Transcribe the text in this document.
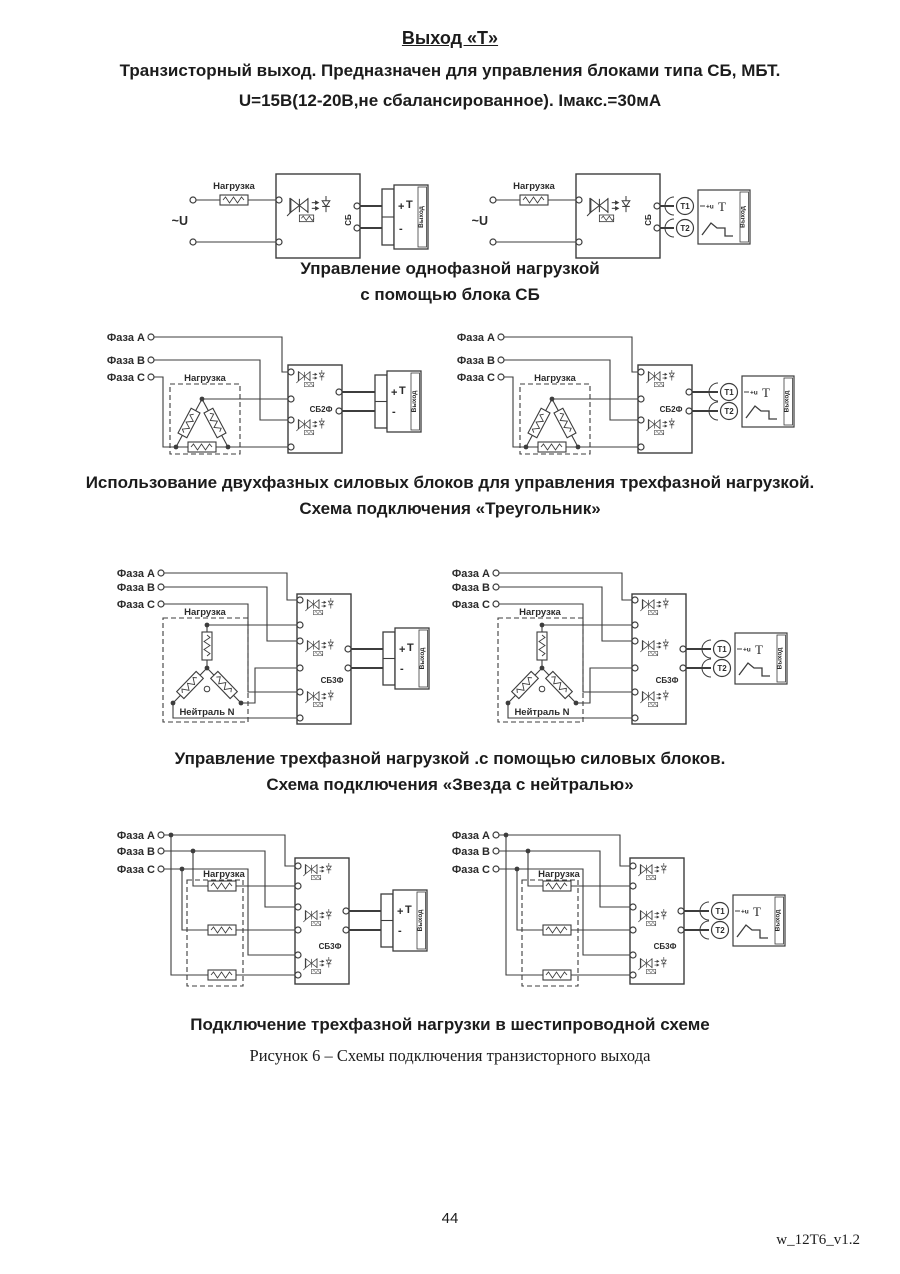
Выход «Т»
Транзисторный выход. Предназначен для управления блоками типа СБ, МБТ.
U=15В(12-20В,не сбалансированное). Iмакс.=30мА
Нагрузка
~U	СБ
+ T
-
Выход
Нагрузка
~U	СБ
Т1
Т2
+u T Выход
Управление однофазной нагрузкой
с помощью блока СБ
Фаза А
Фаза В
Фаза С	Нагрузка
СБ2Ф
+ T
- Выход
Фаза А
Фаза В
Фаза С	Нагрузка
СБ2Ф
Т1
Т2
+u T Выход
Использование двухфазных силовых блоков для управления трехфазной нагрузкой.
Схема подключения «Треугольник»
Фаза А
Фаза В
Фаза С
Нагрузка
Нейтраль N
СБ3Ф
+ T
- Выход
Фаза А
Фаза В
Фаза С
Нагрузка
Нейтраль N
СБ3Ф
Т1
Т2
+u T Выход
Управление трехфазной нагрузкой .с помощью силовых блоков.
Схема подключения «Звезда с нейтралью»
Фаза А
Фаза В
Фаза С	Нагрузка
СБ3Ф
+ T
- Выход
Фаза А
Фаза В
Фаза С	Нагрузка
СБ3Ф
Т1
Т2
+u T Выход
Подключение трехфазной нагрузки в шестипроводной схеме
Рисунок 6 – Схемы подключения транзисторного выхода
44
w_12T6_v1.2
